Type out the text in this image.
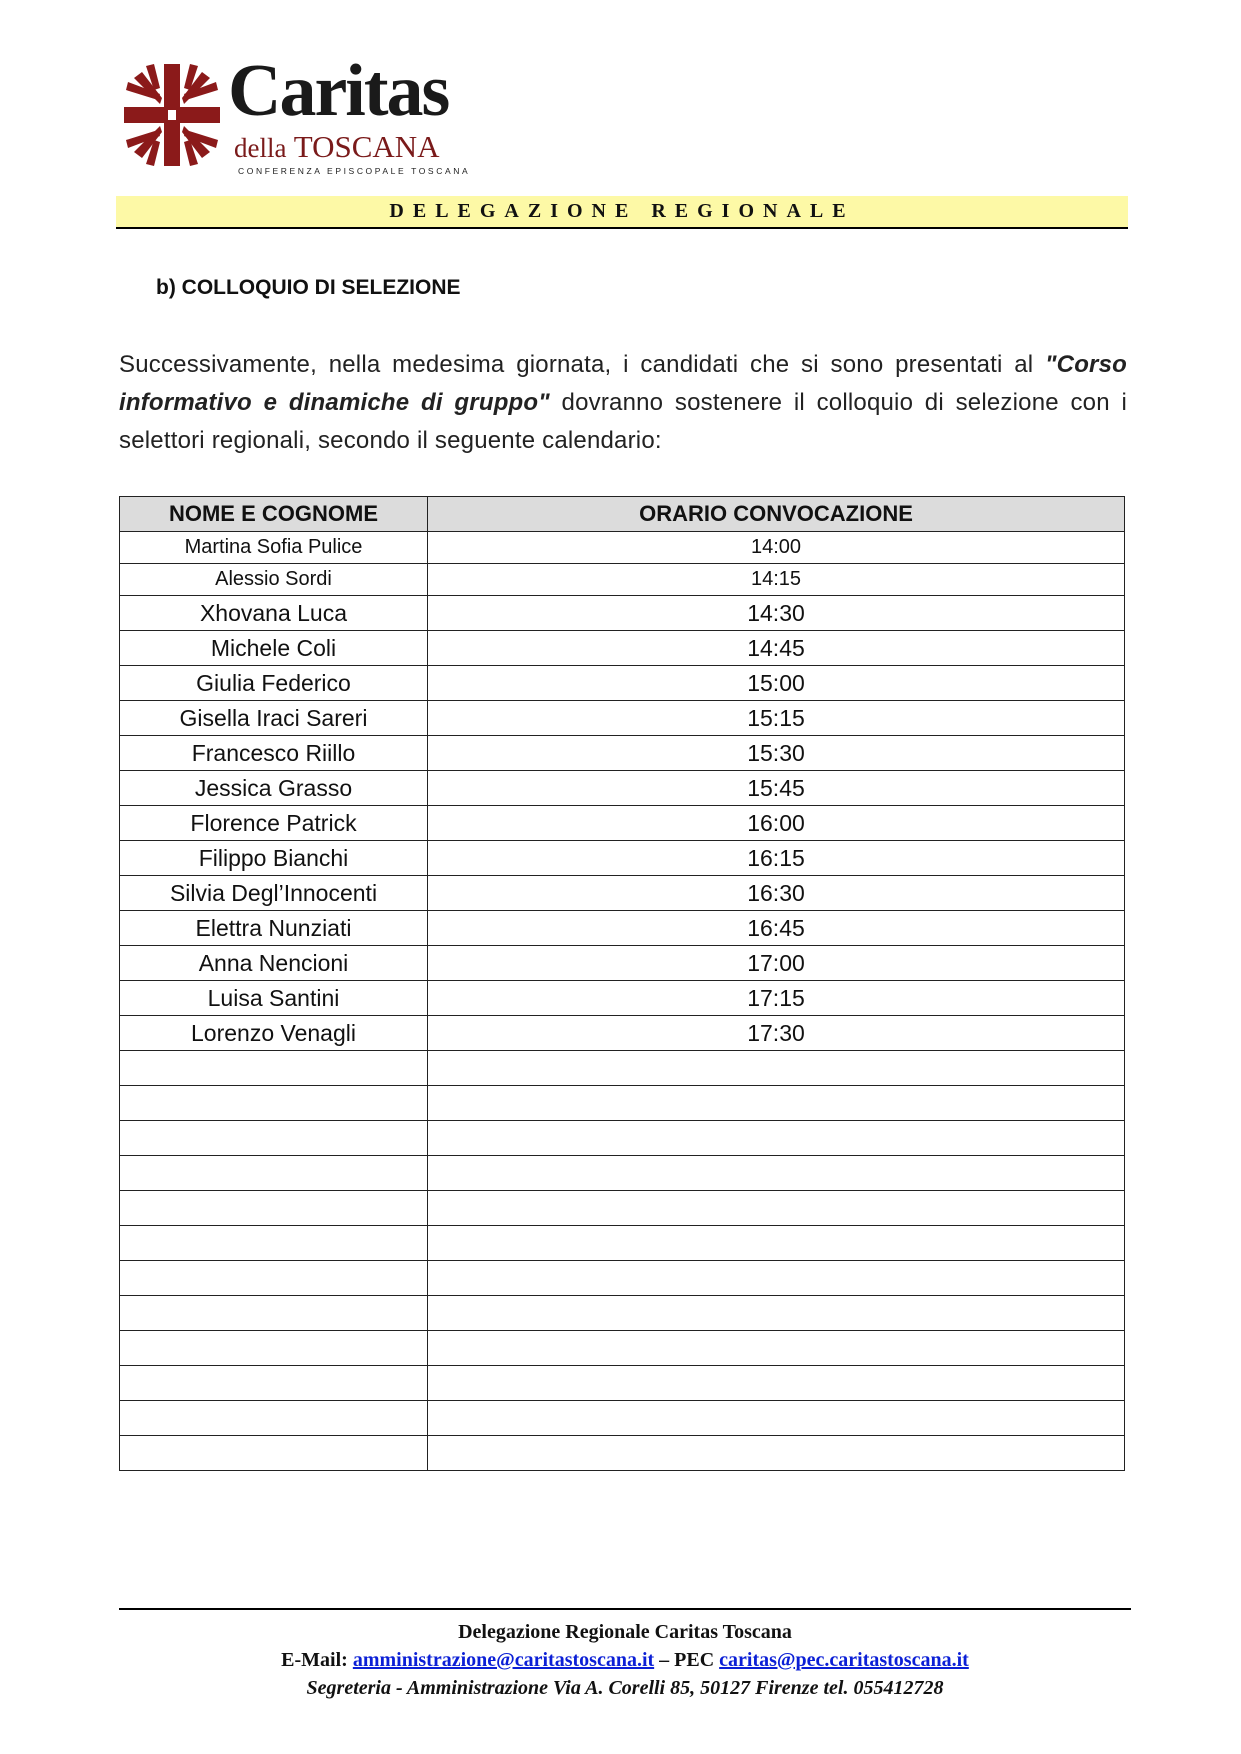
Caritas
della TOSCANA
CONFERENZA EPISCOPALE TOSCANA
DELEGAZIONE REGIONALE
b) COLLOQUIO DI SELEZIONE
Successivamente, nella medesima giornata, i candidati che si sono presentati al "Corso informativo e dinamiche di gruppo" dovranno sostenere il colloquio di selezione con i selettori regionali, secondo il seguente calendario:
NOME E COGNOME	ORARIO CONVOCAZIONE
Martina Sofia Pulice	14:00
Alessio Sordi	14:15
Xhovana Luca	14:30
Michele Coli	14:45
Giulia Federico	15:00
Gisella Iraci Sareri	15:15
Francesco Riillo	15:30
Jessica Grasso	15:45
Florence Patrick	16:00
Filippo Bianchi	16:15
Silvia Degl’Innocenti	16:30
Elettra Nunziati	16:45
Anna Nencioni	17:00
Luisa Santini	17:15
Lorenzo Venagli	17:30

Delegazione Regionale Caritas Toscana
E-Mail: amministrazione@caritastoscana.it – PEC caritas@pec.caritastoscana.it
Segreteria - Amministrazione Via A. Corelli 85, 50127 Firenze tel. 055412728
